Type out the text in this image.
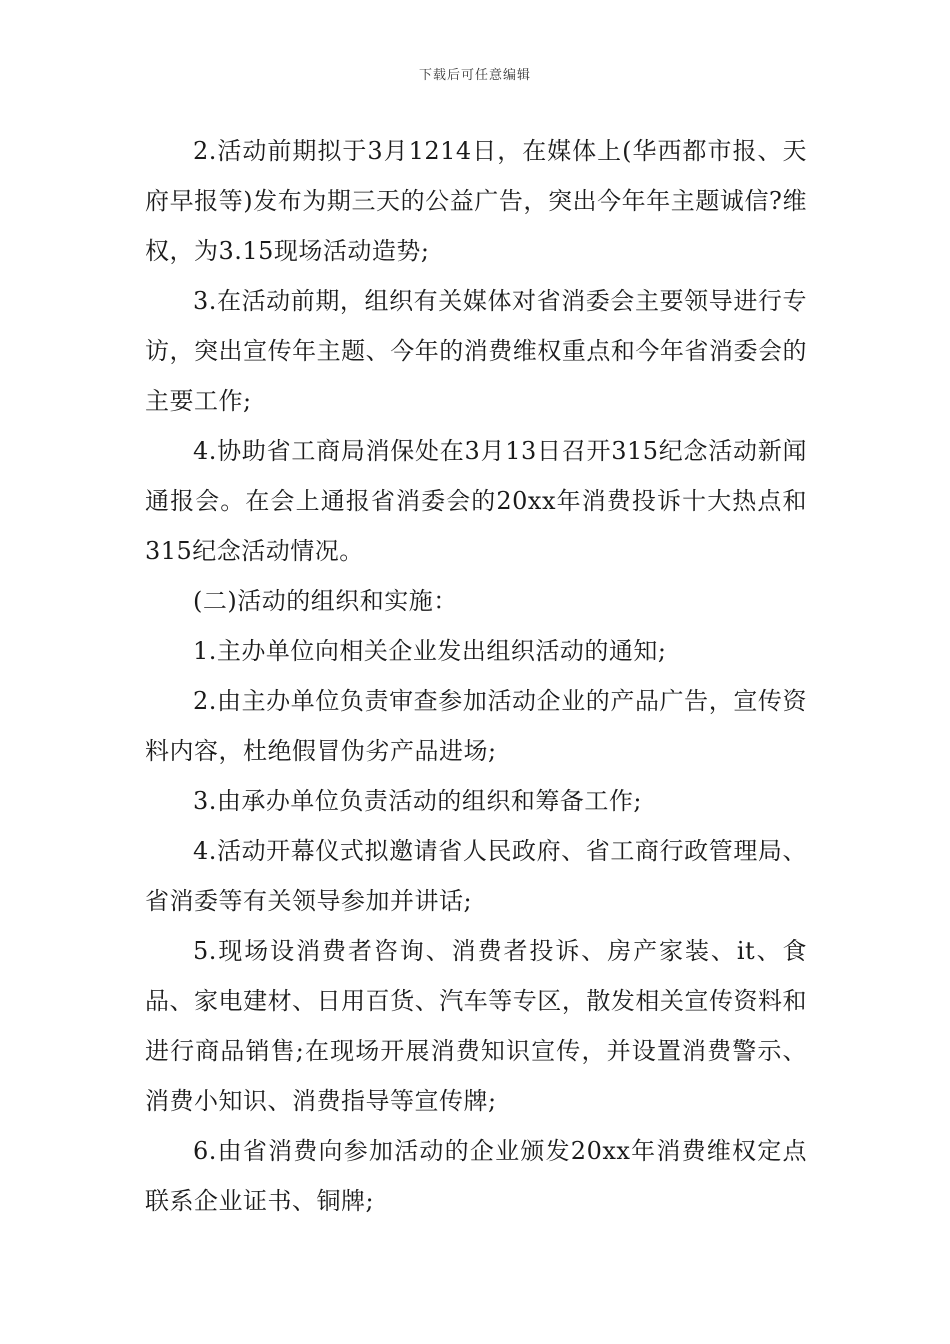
下载后可任意编辑

2.活动前期拟于3月1214日，在媒体上(华西都市报、天府早报等)发布为期三天的公益广告，突出今年年主题诚信?维权，为3.15现场活动造势;

3.在活动前期，组织有关媒体对省消委会主要领导进行专访，突出宣传年主题、今年的消费维权重点和今年省消委会的主要工作;

4.协助省工商局消保处在3月13日召开315纪念活动新闻通报会。在会上通报省消委会的20xx年消费投诉十大热点和315纪念活动情况。

(二)活动的组织和实施：

1.主办单位向相关企业发出组织活动的通知;

2.由主办单位负责审查参加活动企业的产品广告，宣传资料内容，杜绝假冒伪劣产品进场;

3.由承办单位负责活动的组织和筹备工作;

4.活动开幕仪式拟邀请省人民政府、省工商行政管理局、省消委等有关领导参加并讲话;

5.现场设消费者咨询、消费者投诉、房产家装、it、食品、家电建材、日用百货、汽车等专区，散发相关宣传资料和进行商品销售;在现场开展消费知识宣传，并设置消费警示、消费小知识、消费指导等宣传牌;

6.由省消费向参加活动的企业颁发20xx年消费维权定点联系企业证书、铜牌;
